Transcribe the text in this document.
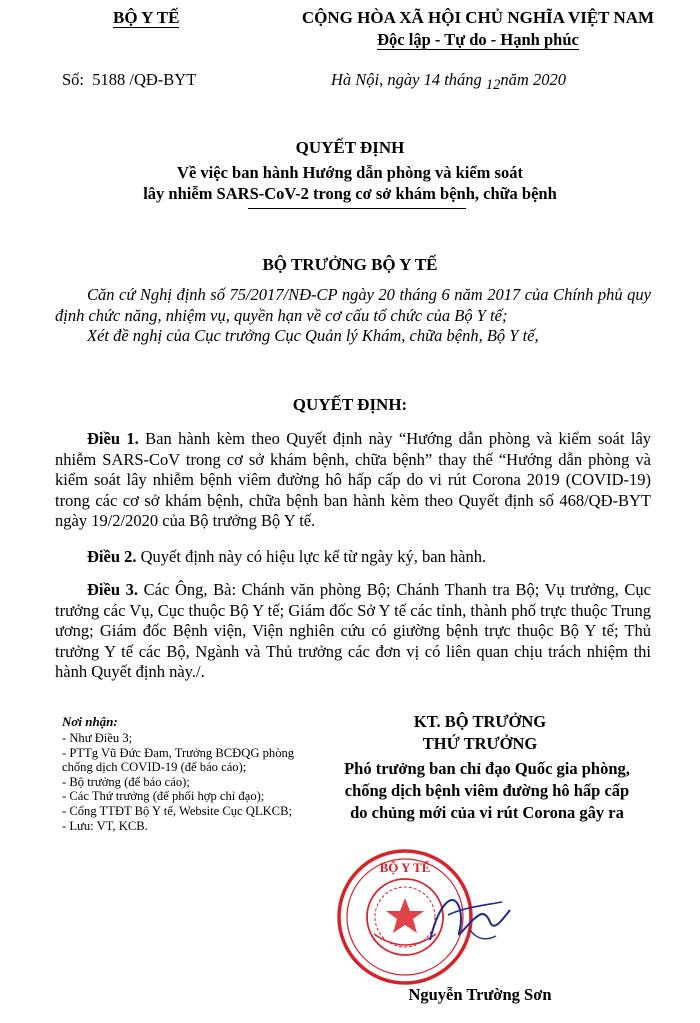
BỘ Y TẾ
Số: 5188 /QĐ-BYT
CỘNG HÒA XÃ HỘI CHỦ NGHĨA VIỆT NAM
Độc lập - Tự do - Hạnh phúc
Hà Nội, ngày 14 tháng 12năm 2020
QUYẾT ĐỊNH
Về việc ban hành Hướng dẫn phòng và kiểm soát
lây nhiễm SARS-CoV-2 trong cơ sở khám bệnh, chữa bệnh
BỘ TRƯỞNG BỘ Y TẾ
Căn cứ Nghị định số 75/2017/NĐ-CP ngày 20 tháng 6 năm 2017 của Chính phủ quy định chức năng, nhiệm vụ, quyền hạn về cơ cấu tổ chức của Bộ Y tế;
Xét đề nghị của Cục trưởng Cục Quản lý Khám, chữa bệnh, Bộ Y tế,
QUYẾT ĐỊNH:
Điều 1. Ban hành kèm theo Quyết định này “Hướng dẫn phòng và kiểm soát lây nhiễm SARS-CoV trong cơ sở khám bệnh, chữa bệnh” thay thế “Hướng dẫn phòng và kiểm soát lây nhiễm bệnh viêm đường hô hấp cấp do vi rút Corona 2019 (COVID-19) trong các cơ sở khám bệnh, chữa bệnh ban hành kèm theo Quyết định số 468/QĐ-BYT ngày 19/2/2020 của Bộ trưởng Bộ Y tế.
Điều 2. Quyết định này có hiệu lực kể từ ngày ký, ban hành.
Điều 3. Các Ông, Bà: Chánh văn phòng Bộ; Chánh Thanh tra Bộ; Vụ trưởng, Cục trưởng các Vụ, Cục thuộc Bộ Y tế; Giám đốc Sở Y tế các tỉnh, thành phố trực thuộc Trung ương; Giám đốc Bệnh viện, Viện nghiên cứu có giường bệnh trực thuộc Bộ Y tế; Thủ trưởng Y tế các Bộ, Ngành và Thủ trưởng các đơn vị có liên quan chịu trách nhiệm thi hành Quyết định này./.
Nơi nhận:
- Như Điều 3;
- PTTg Vũ Đức Đam, Trưởng BCĐQG phòng chống dịch COVID-19 (để báo cáo);
- Bộ trưởng (để báo cáo);
- Các Thứ trưởng (để phối hợp chỉ đạo);
- Cổng TTĐT Bộ Y tế, Website Cục QLKCB;
- Lưu: VT, KCB.
KT. BỘ TRƯỞNG
THỨ TRƯỞNG
Phó trưởng ban chỉ đạo Quốc gia phòng, chống dịch bệnh viêm đường hô hấp cấp do chủng mới của vi rút Corona gây ra
BỘ Y TẾ
Nguyễn Trường Sơn
